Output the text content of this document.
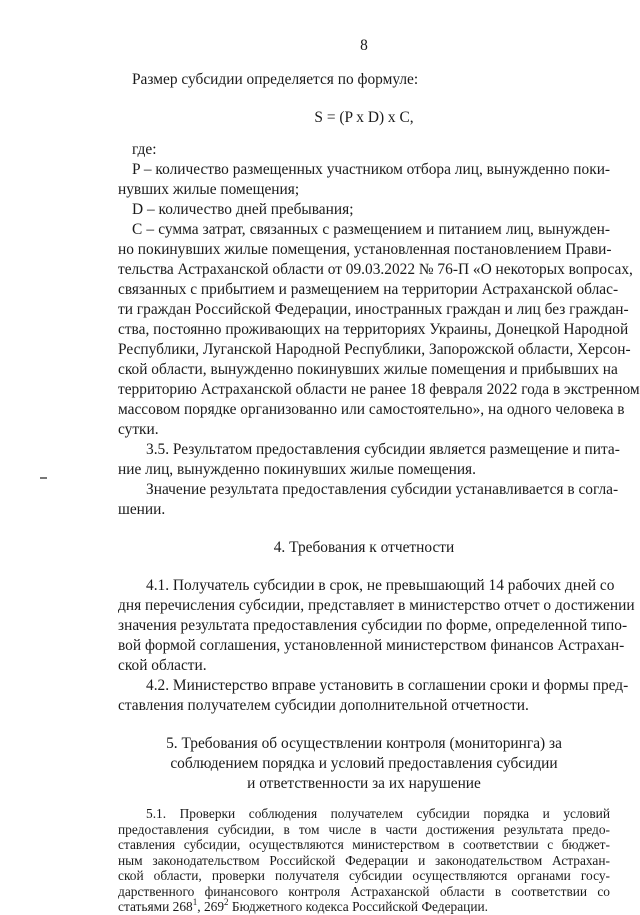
8
Размер субсидии определяется по формуле:
S = (P x D) x C,
где:
P – количество размещенных участником отбора лиц, вынужденно поки-
нувших жилые помещения;
D – количество дней пребывания;
C – сумма затрат, связанных с размещением и питанием лиц, вынужден-
но покинувших жилые помещения, установленная постановлением Прави-
тельства Астраханской области от 09.03.2022 № 76-П «О некоторых вопросах,
связанных с прибытием и размещением на территории Астраханской облас-
ти граждан Российской Федерации, иностранных граждан и лиц без граждан-
ства, постоянно проживающих на территориях Украины, Донецкой Народной
Республики, Луганской Народной Республики, Запорожской области, Херсон-
ской области, вынужденно покинувших жилые помещения и прибывших на
территорию Астраханской области не ранее 18 февраля 2022 года в экстренном
массовом порядке организованно или самостоятельно», на одного человека в
сутки.
3.5. Результатом предоставления субсидии является размещение и пита-
ние лиц, вынужденно покинувших жилые помещения.
Значение результата предоставления субсидии устанавливается в согла-
шении.
4. Требования к отчетности
4.1. Получатель субсидии в срок, не превышающий 14 рабочих дней со
дня перечисления субсидии, представляет в министерство отчет о достижении
значения результата предоставления субсидии по форме, определенной типо-
вой формой соглашения, установленной министерством финансов Астрахан-
ской области.
4.2. Министерство вправе установить в соглашении сроки и формы пред-
ставления получателем субсидии дополнительной отчетности.
5. Требования об осуществлении контроля (мониторинга) за
соблюдением порядка и условий предоставления субсидии
и ответственности за их нарушение
5.1. Проверки соблюдения получателем субсидии порядка и условий
предоставления субсидии, в том числе в части достижения результата предо-
ставления субсидии, осуществляются министерством в соответствии с бюджет-
ным законодательством Российской Федерации и законодательством Астрахан-
ской области, проверки получателя субсидии осуществляются органами госу-
дарственного финансового контроля Астраханской области в соответствии со
статьями $268^1$, $269^2$ Бюджетного кодекса Российской Федерации.
